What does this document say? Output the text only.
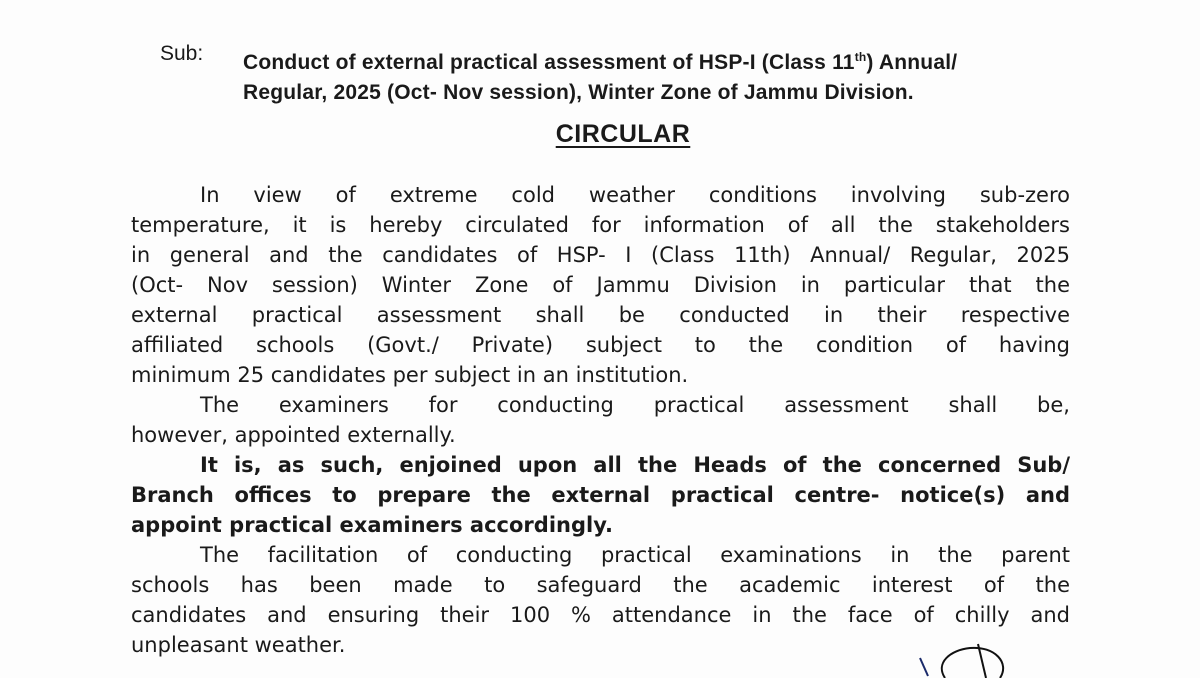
Sub: Conduct of external practical assessment of HSP-I (Class 11th) Annual/
Regular, 2025 (Oct- Nov session), Winter Zone of Jammu Division.
CIRCULAR
In view of extreme cold weather conditions involving sub-zero
temperature, it is hereby circulated for information of all the stakeholders
in general and the candidates of HSP- I (Class 11th) Annual/ Regular, 2025
(Oct- Nov session) Winter Zone of Jammu Division in particular that the
external practical assessment shall be conducted in their respective
affiliated schools (Govt./ Private) subject to the condition of having
minimum 25 candidates per subject in an institution.
The examiners for conducting practical assessment shall be,
however, appointed externally.
It is, as such, enjoined upon all the Heads of the concerned Sub/
Branch offices to prepare the external practical centre- notice(s) and
appoint practical examiners accordingly.
The facilitation of conducting practical examinations in the parent
schools has been made to safeguard the academic interest of the
candidates and ensuring their 100 % attendance in the face of chilly and
unpleasant weather.
